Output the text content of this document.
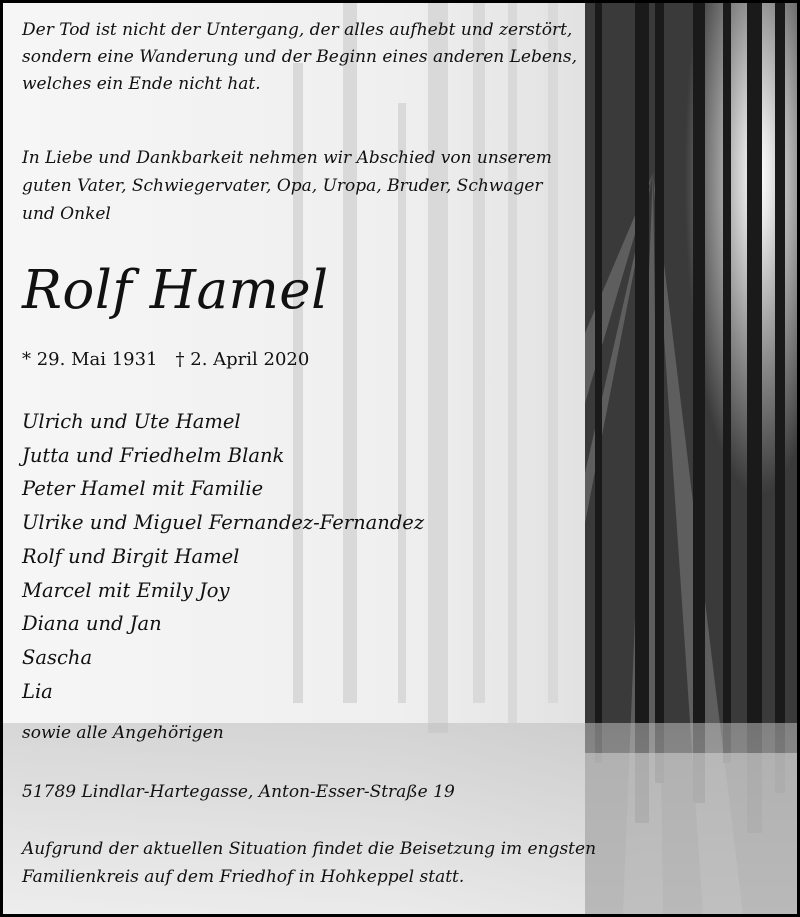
Der Tod ist nicht der Untergang, der alles aufhebt und zerstört,
sondern eine Wanderung und der Beginn eines anderen Lebens,
welches ein Ende nicht hat.
In Liebe und Dankbarkeit nehmen wir Abschied von unserem
guten Vater, Schwiegervater, Opa, Uropa, Bruder, Schwager
und Onkel
Rolf Hamel
* 29. Mai 1931 † 2. April 2020
Ulrich und Ute Hamel
Jutta und Friedhelm Blank
Peter Hamel mit Familie
Ulrike und Miguel Fernandez-Fernandez
Rolf und Birgit Hamel
Marcel mit Emily Joy
Diana und Jan
Sascha
Lia
sowie alle Angehörigen
51789 Lindlar-Hartegasse, Anton-Esser-Straße 19
Aufgrund der aktuellen Situation findet die Beisetzung im engsten
Familienkreis auf dem Friedhof in Hohkeppel statt.
